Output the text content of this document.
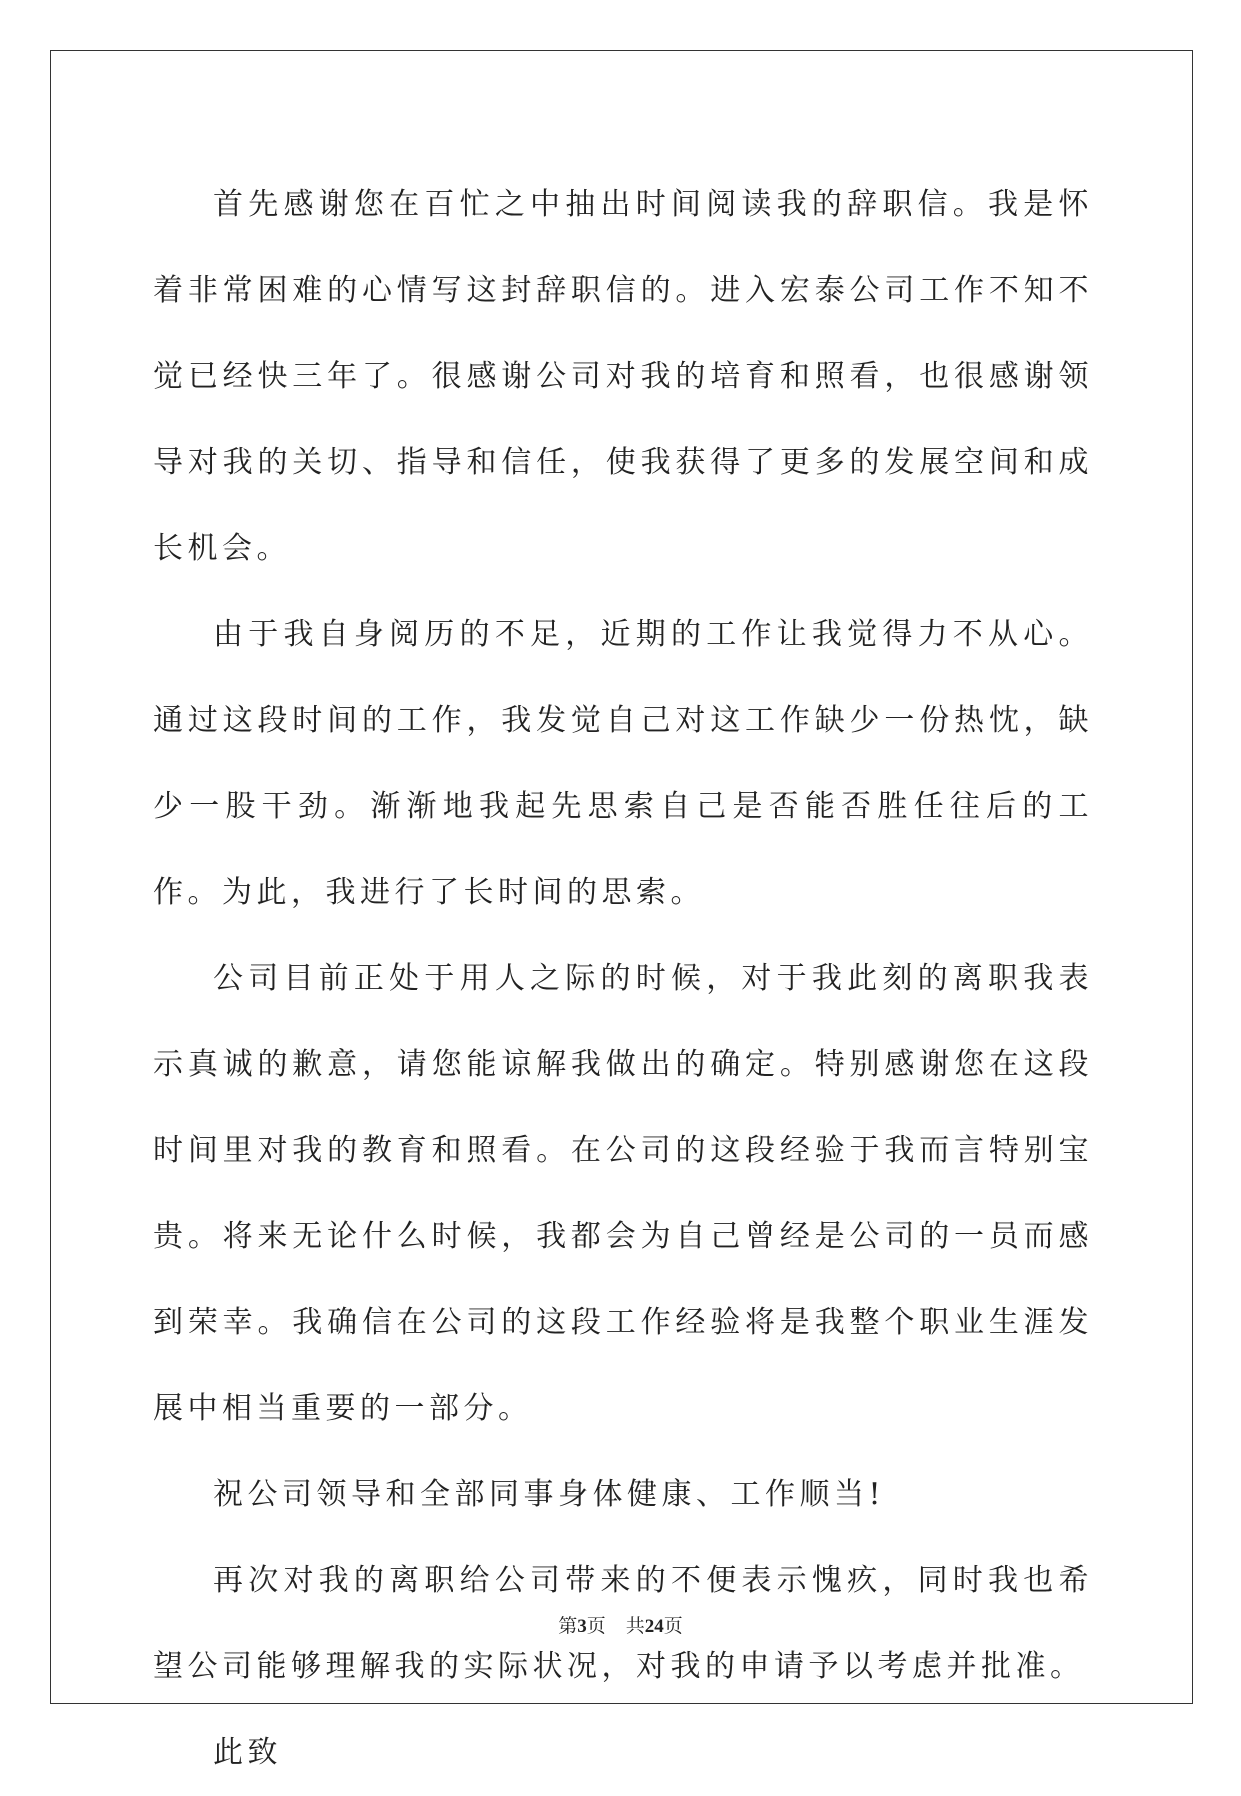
首先感谢您在百忙之中抽出时间阅读我的辞职信。我是怀着非常困难的心情写这封辞职信的。进入宏泰公司工作不知不觉已经快三年了。很感谢公司对我的培育和照看，也很感谢领导对我的关切、指导和信任，使我获得了更多的发展空间和成长机会。

由于我自身阅历的不足，近期的工作让我觉得力不从心。通过这段时间的工作，我发觉自己对这工作缺少一份热忱，缺少一股干劲。渐渐地我起先思索自己是否能否胜任往后的工作。为此，我进行了长时间的思索。

公司目前正处于用人之际的时候，对于我此刻的离职我表示真诚的歉意，请您能谅解我做出的确定。特别感谢您在这段时间里对我的教育和照看。在公司的这段经验于我而言特别宝贵。将来无论什么时候，我都会为自己曾经是公司的一员而感到荣幸。我确信在公司的这段工作经验将是我整个职业生涯发展中相当重要的一部分。

祝公司领导和全部同事身体健康、工作顺当!

再次对我的离职给公司带来的不便表示愧疚，同时我也希望公司能够理解我的实际状况，对我的申请予以考虑并批准。

此致

第3页 共24页
